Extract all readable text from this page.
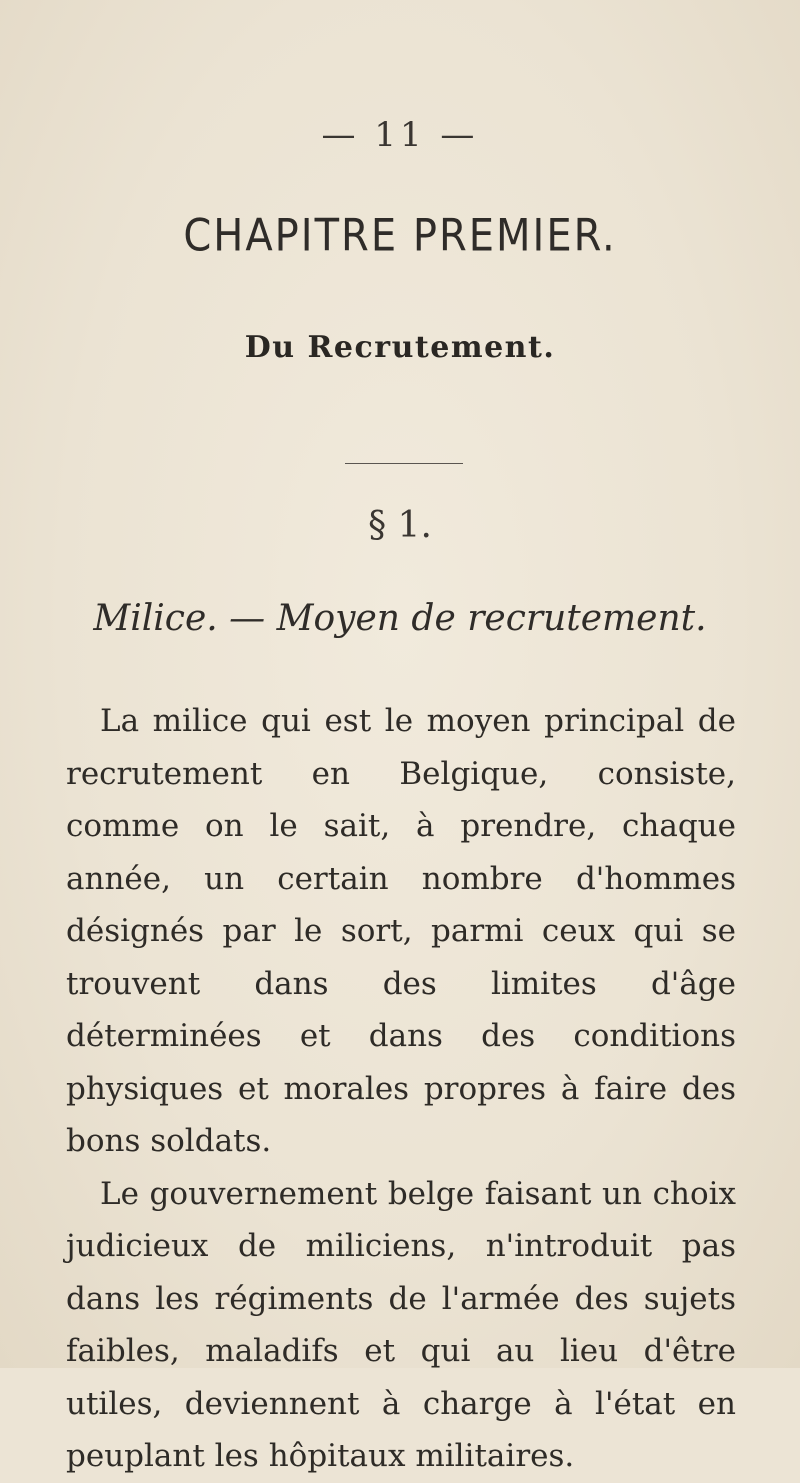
— 11 —
CHAPITRE PREMIER.
Du Recrutement.
§ 1.
Milice. — Moyen de recrutement.

La milice qui est le moyen principal de recrutement en Belgique, consiste, comme on le sait, à prendre, chaque année, un certain nombre d'hommes désignés par le sort, parmi ceux qui se trouvent dans des limites d'âge déterminées et dans des conditions physiques et morales propres à faire des bons soldats.

Le gouvernement belge faisant un choix judicieux de miliciens, n'introduit pas dans les régiments de l'armée des sujets faibles, maladifs et qui au lieu d'être utiles, deviennent à charge à l'état en peuplant les hôpitaux militaires.
